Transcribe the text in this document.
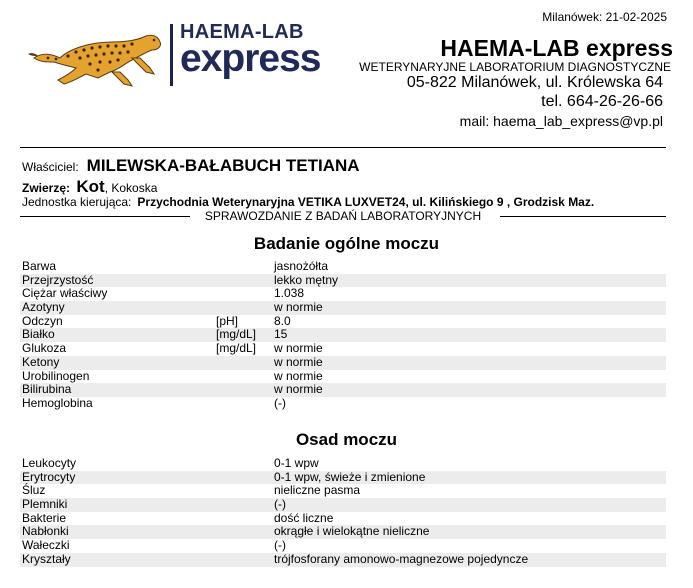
Milanówek: 21-02-2025
HAEMA-LAB
express	HAEMA-LAB express
WETERYNARYJNE LABORATORIUM DIAGNOSTYCZNE
05-822 Milanówek, ul. Królewska 64
tel. 664-26-26-66
mail: haema_lab_express@vp.pl
Właściciel: MILEWSKA-BAŁABUCH TETIANA
Zwierzę: Kot, Kokoska
Jednostka kierująca: Przychodnia Weterynaryjna VETIKA LUXVET24, ul. Kilińskiego 9 , Grodzisk Maz.
SPRAWOZDANIE Z BADAŃ LABORATORYJNYCH
Badanie ogólne moczu
Barwa	jasnożółta
Przejrzystość	lekko mętny
Ciężar właściwy	1.038
Azotyny	w normie
Odczyn	[pH]	8.0
Białko	[mg/dL] 15
Glukoza	[mg/dL] w normie
Ketony	w normie
Urobilinogen	w normie
Bilirubina	w normie
Hemoglobina	(-)
Osad moczu
Leukocyty	0-1 wpw
Erytrocyty	0-1 wpw, świeże i zmienione
Śluz	nieliczne pasma
Plemniki	(-)
Bakterie	dość liczne
Nabłonki	okrągłe i wielokątne nieliczne
Wałeczki	(-)
Kryształy	trójfosforany amonowo-magnezowe pojedyncze
